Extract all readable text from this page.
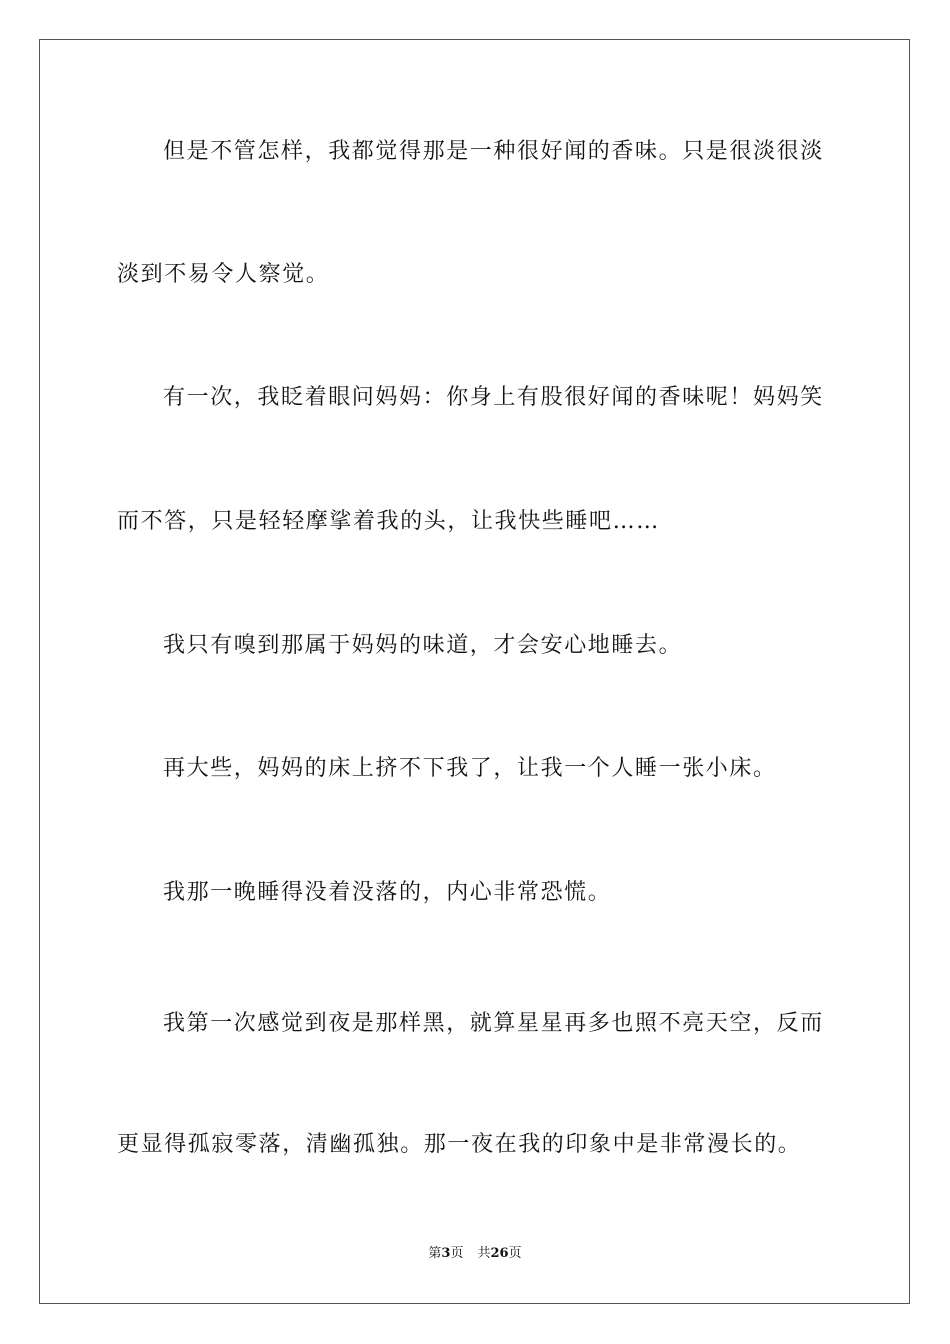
但是不管怎样，我都觉得那是一种很好闻的香味。只是很淡很淡
淡到不易令人察觉。
有一次，我眨着眼问妈妈：你身上有股很好闻的香味呢！妈妈笑
而不答，只是轻轻摩挲着我的头，让我快些睡吧……
我只有嗅到那属于妈妈的味道，才会安心地睡去。
再大些，妈妈的床上挤不下我了，让我一个人睡一张小床。
我那一晚睡得没着没落的，内心非常恐慌。
我第一次感觉到夜是那样黑，就算星星再多也照不亮天空，反而
更显得孤寂零落，清幽孤独。那一夜在我的印象中是非常漫长的。
第3页 共26页
